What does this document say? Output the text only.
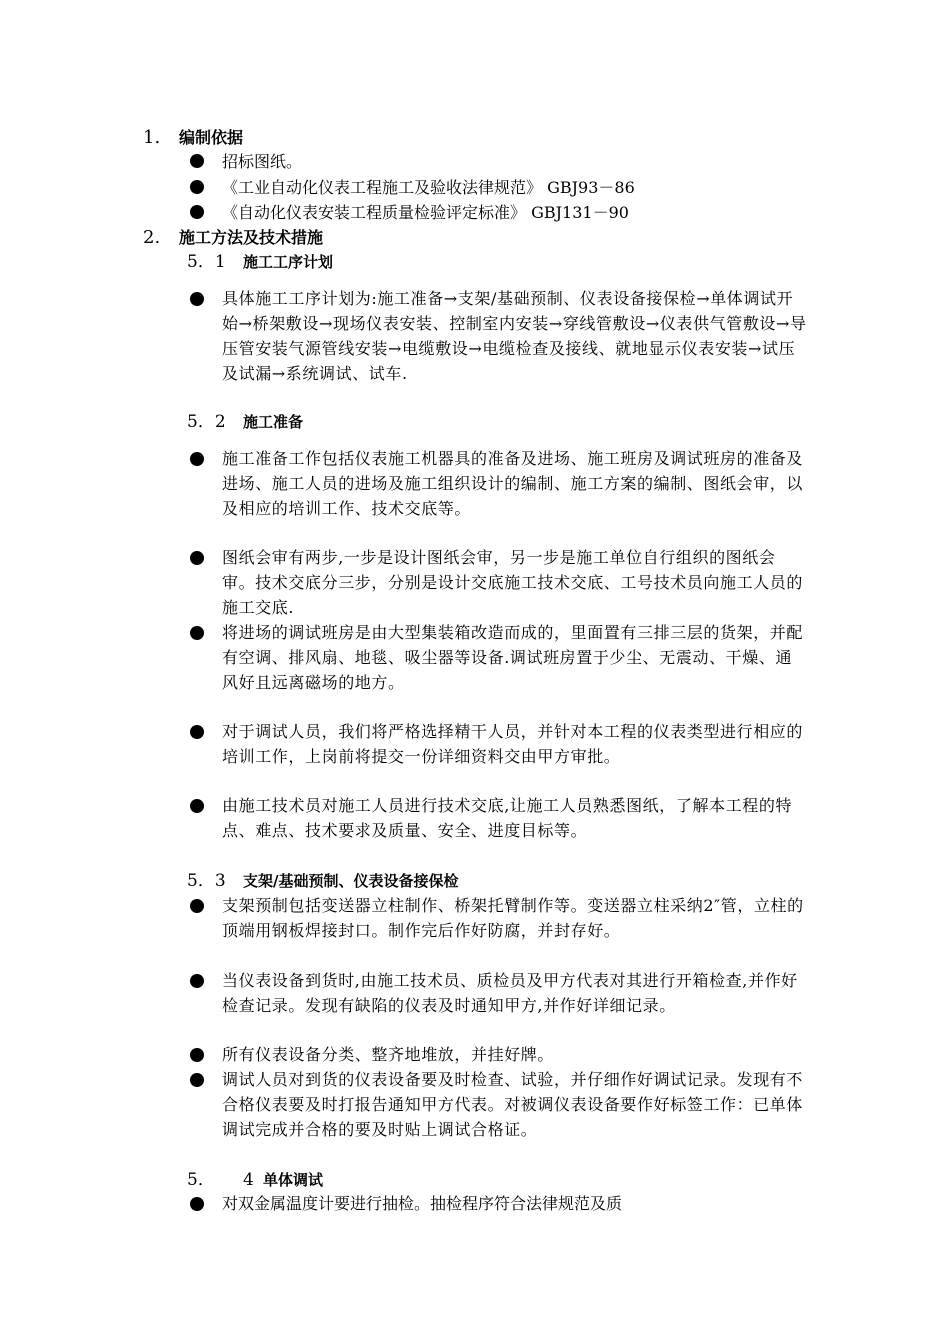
1. 编制依据
招标图纸。
《工业自动化仪表工程施工及验收法律规范》 GBJ93－86
《自动化仪表安装工程质量检验评定标准》 GBJ131－90
2. 施工方法及技术措施
5．1 施工工序计划
具体施工工序计划为:施工准备→支架/基础预制、仪表设备接保检→单体调试开始→桥架敷设→现场仪表安装、控制室内安装→穿线管敷设→仪表供气管敷设→导压管安装气源管线安装→电缆敷设→电缆检查及接线、就地显示仪表安装→试压及试漏→系统调试、试车.
5．2 施工准备
施工准备工作包括仪表施工机器具的准备及进场、施工班房及调试班房的准备及进场、施工人员的进场及施工组织设计的编制、施工方案的编制、图纸会审，以及相应的培训工作、技术交底等。
图纸会审有两步,一步是设计图纸会审，另一步是施工单位自行组织的图纸会审。技术交底分三步，分别是设计交底施工技术交底、工号技术员向施工人员的施工交底.
将进场的调试班房是由大型集装箱改造而成的，里面置有三排三层的货架，并配有空调、排风扇、地毯、吸尘器等设备.调试班房置于少尘、无震动、干燥、通风好且远离磁场的地方。
对于调试人员，我们将严格选择精干人员，并针对本工程的仪表类型进行相应的培训工作，上岗前将提交一份详细资料交由甲方审批。
由施工技术员对施工人员进行技术交底,让施工人员熟悉图纸，了解本工程的特点、难点、技术要求及质量、安全、进度目标等。
5．3 支架/基础预制、仪表设备接保检
支架预制包括变送器立柱制作、桥架托臂制作等。变送器立柱采纳2″管，立柱的顶端用钢板焊接封口。制作完后作好防腐，并封存好。
当仪表设备到货时,由施工技术员、质检员及甲方代表对其进行开箱检查,并作好检查记录。发现有缺陷的仪表及时通知甲方,并作好详细记录。
所有仪表设备分类、整齐地堆放，并挂好牌。
调试人员对到货的仪表设备要及时检查、试验，并仔细作好调试记录。发现有不合格仪表要及时打报告通知甲方代表。对被调仪表设备要作好标签工作：已单体调试完成并合格的要及时贴上调试合格证。
5． 4 单体调试
对双金属温度计要进行抽检。抽检程序符合法律规范及质
